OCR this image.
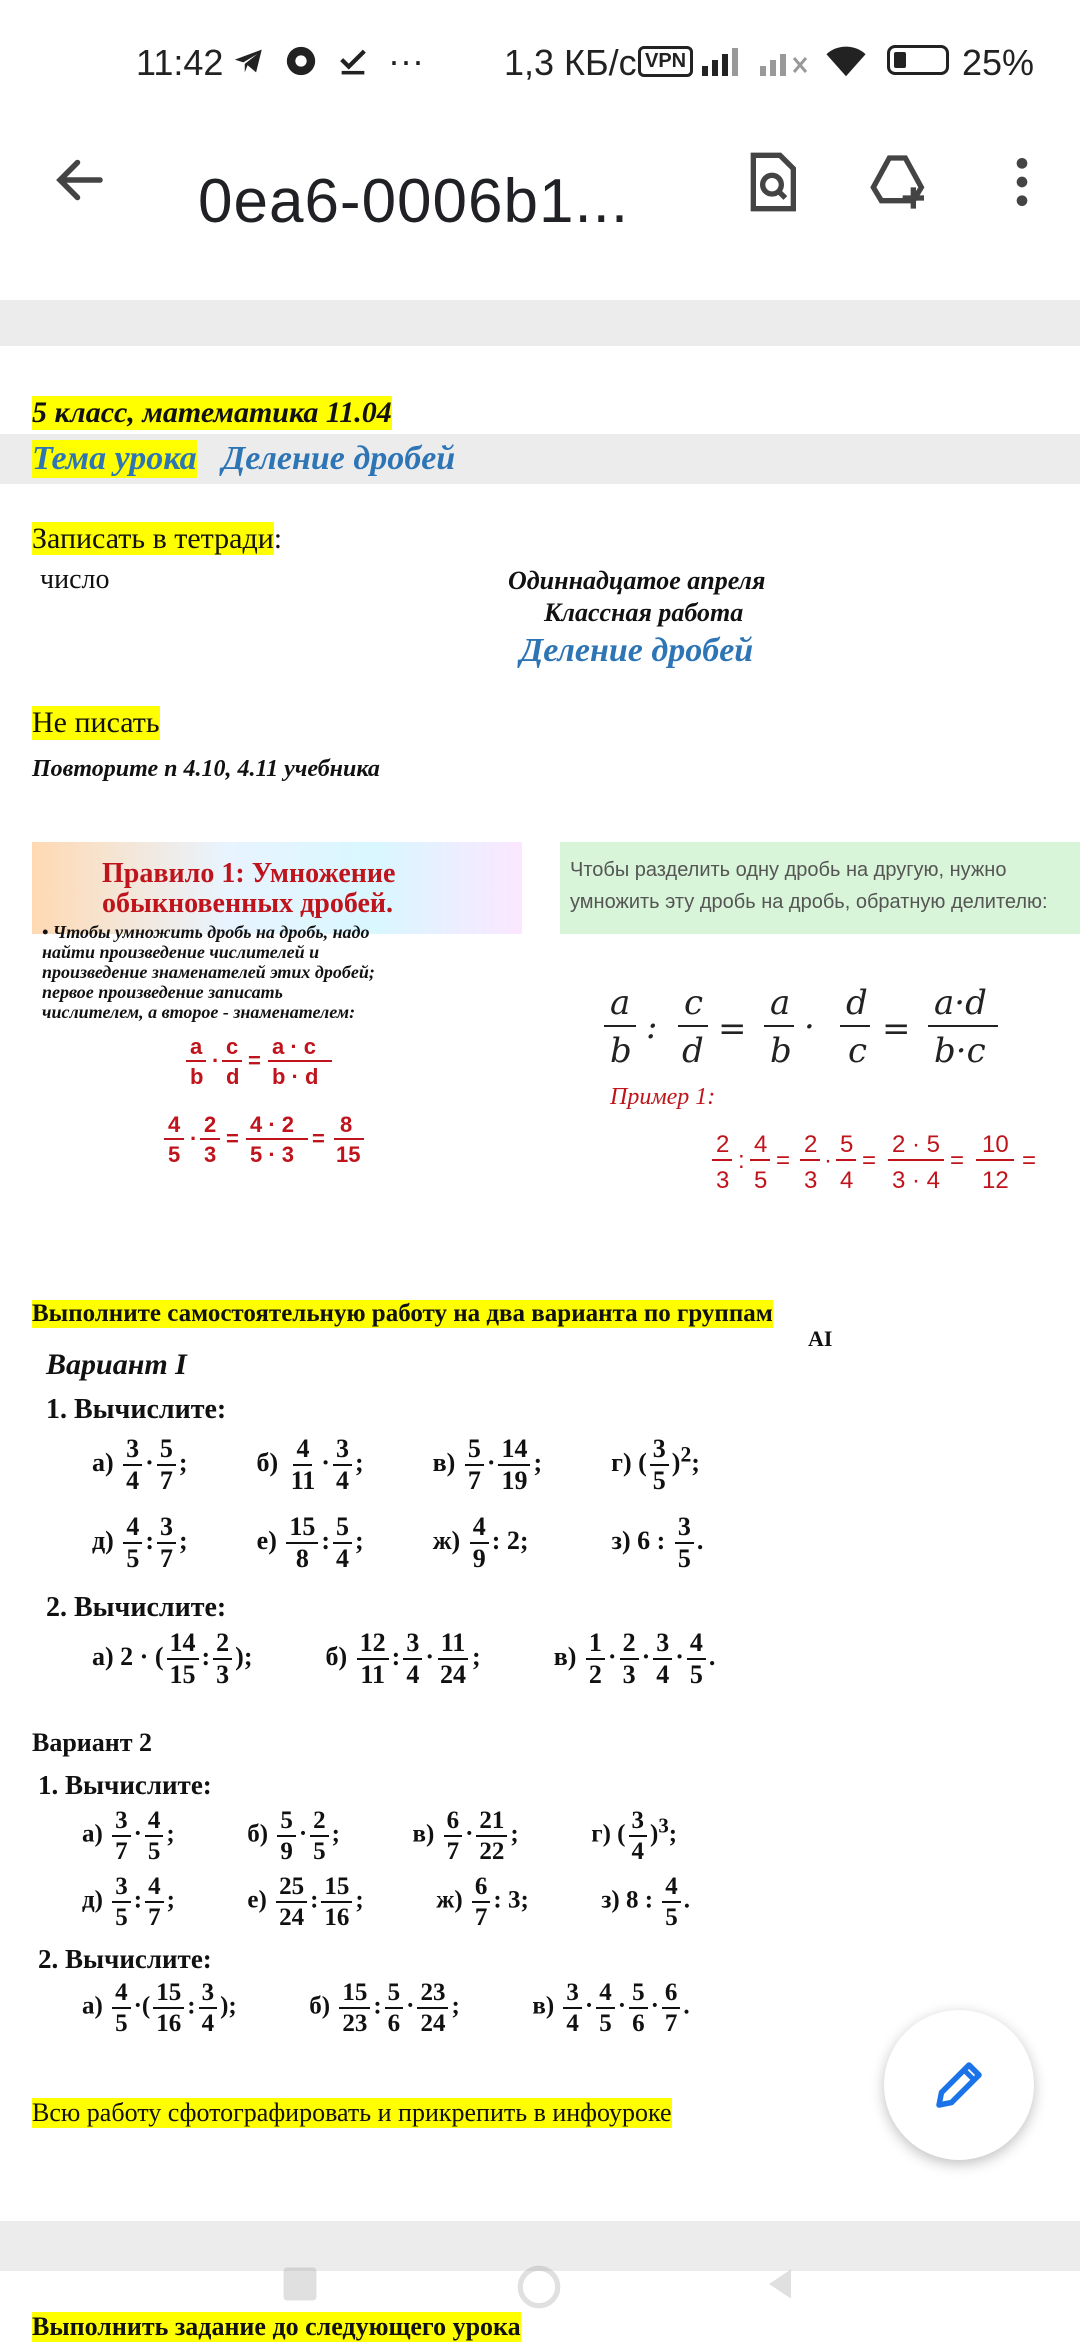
11:42	··· 1,3 КБ/с VPN	25%
0ea6-0006b1...
5 класс, математика 11.04
Тема урока Деление дробей
Записать в тетради:
число	Одиннадцатое апреля
Классная работа
Деление дробей
Не писать
Повторите п 4.10, 4.11 учебника
Правило 1: Умножение
обыкновенных дробей.
• Чтобы умножить дробь на дробь, надо
найти произведение числителей и
произведение знаменателей этих дробей;
первое произведение записать
числителем, а второе - знаменателем:
a
b
·
c
d
=
a · c
b · d
4
5
·
2
3
=
4 · 2
5 · 3
=
8
15
Чтобы разделить одну дробь на другую, нужно умножить эту дробь на дробь, обратную делителю:
a
b
:
c
d
=
a
b
·
d
c
=
a·d
b·c
Пример 1:
2
3
:
4
5
=
2
3
·
5
4
=
2 · 5
3 · 4
=
10
12
=
Выполните самостоятельную работу на два варианта по группам
АІ
Вариант I
1. Вычислите:
$а) \frac{3}{4} \cdot \frac{5}{7}$ ;  $б) \frac{4}{11} \cdot \frac{3}{4}$ ;  $в) \frac{5}{7} \cdot \frac{14}{19}$ ;  г) ( $\frac{3}{5} )^2$;
$д) \frac{4}{5}$ : $\frac{3}{7}$ ;  $е) \frac{15}{8}$ : $\frac{5}{4}$ ;  $ж) \frac{4}{9}$ : 2;	з) 6 : $\frac{3}{5}$ .
2. Вычислите:
а) 2 · ( $\frac{14}{15}$ : $\frac{2}{3}$ );  $б) \frac{12}{11}$ : $\frac{3}{4} \cdot \frac{11}{24}$ ;  $в) \frac{1}{2} \cdot \frac{2}{3} \cdot \frac{3}{4} \cdot \frac{4}{5}$ .
Вариант 2
1. Вычислите:
$а) \frac{3}{7} \cdot \frac{4}{5}$ ;  $б) \frac{5}{9} \cdot \frac{2}{5}$ ;  $в) \frac{6}{7} \cdot \frac{21}{22}$ ;  г) ( $\frac{3}{4} )^3$;
$д) \frac{3}{5}$ : $\frac{4}{7}$ ;  $е) \frac{25}{24}$ : $\frac{15}{16}$ ;  $ж) \frac{6}{7}$ : 3;  з) 8 : $\frac{4}{5}$ .
2. Вычислите:
$а) \frac{4}{5}$ ·( $\frac{15}{16}$ : $\frac{3}{4}$ );  $б) \frac{15}{23}$ : $\frac{5}{6} \cdot \frac{23}{24}$ ;  $в) \frac{3}{4} \cdot \frac{4}{5} \cdot \frac{5}{6} \cdot \frac{6}{7}$ .
Всю работу сфотографировать и прикрепить в инфоуроке
Выполнить задание до следующего урока
